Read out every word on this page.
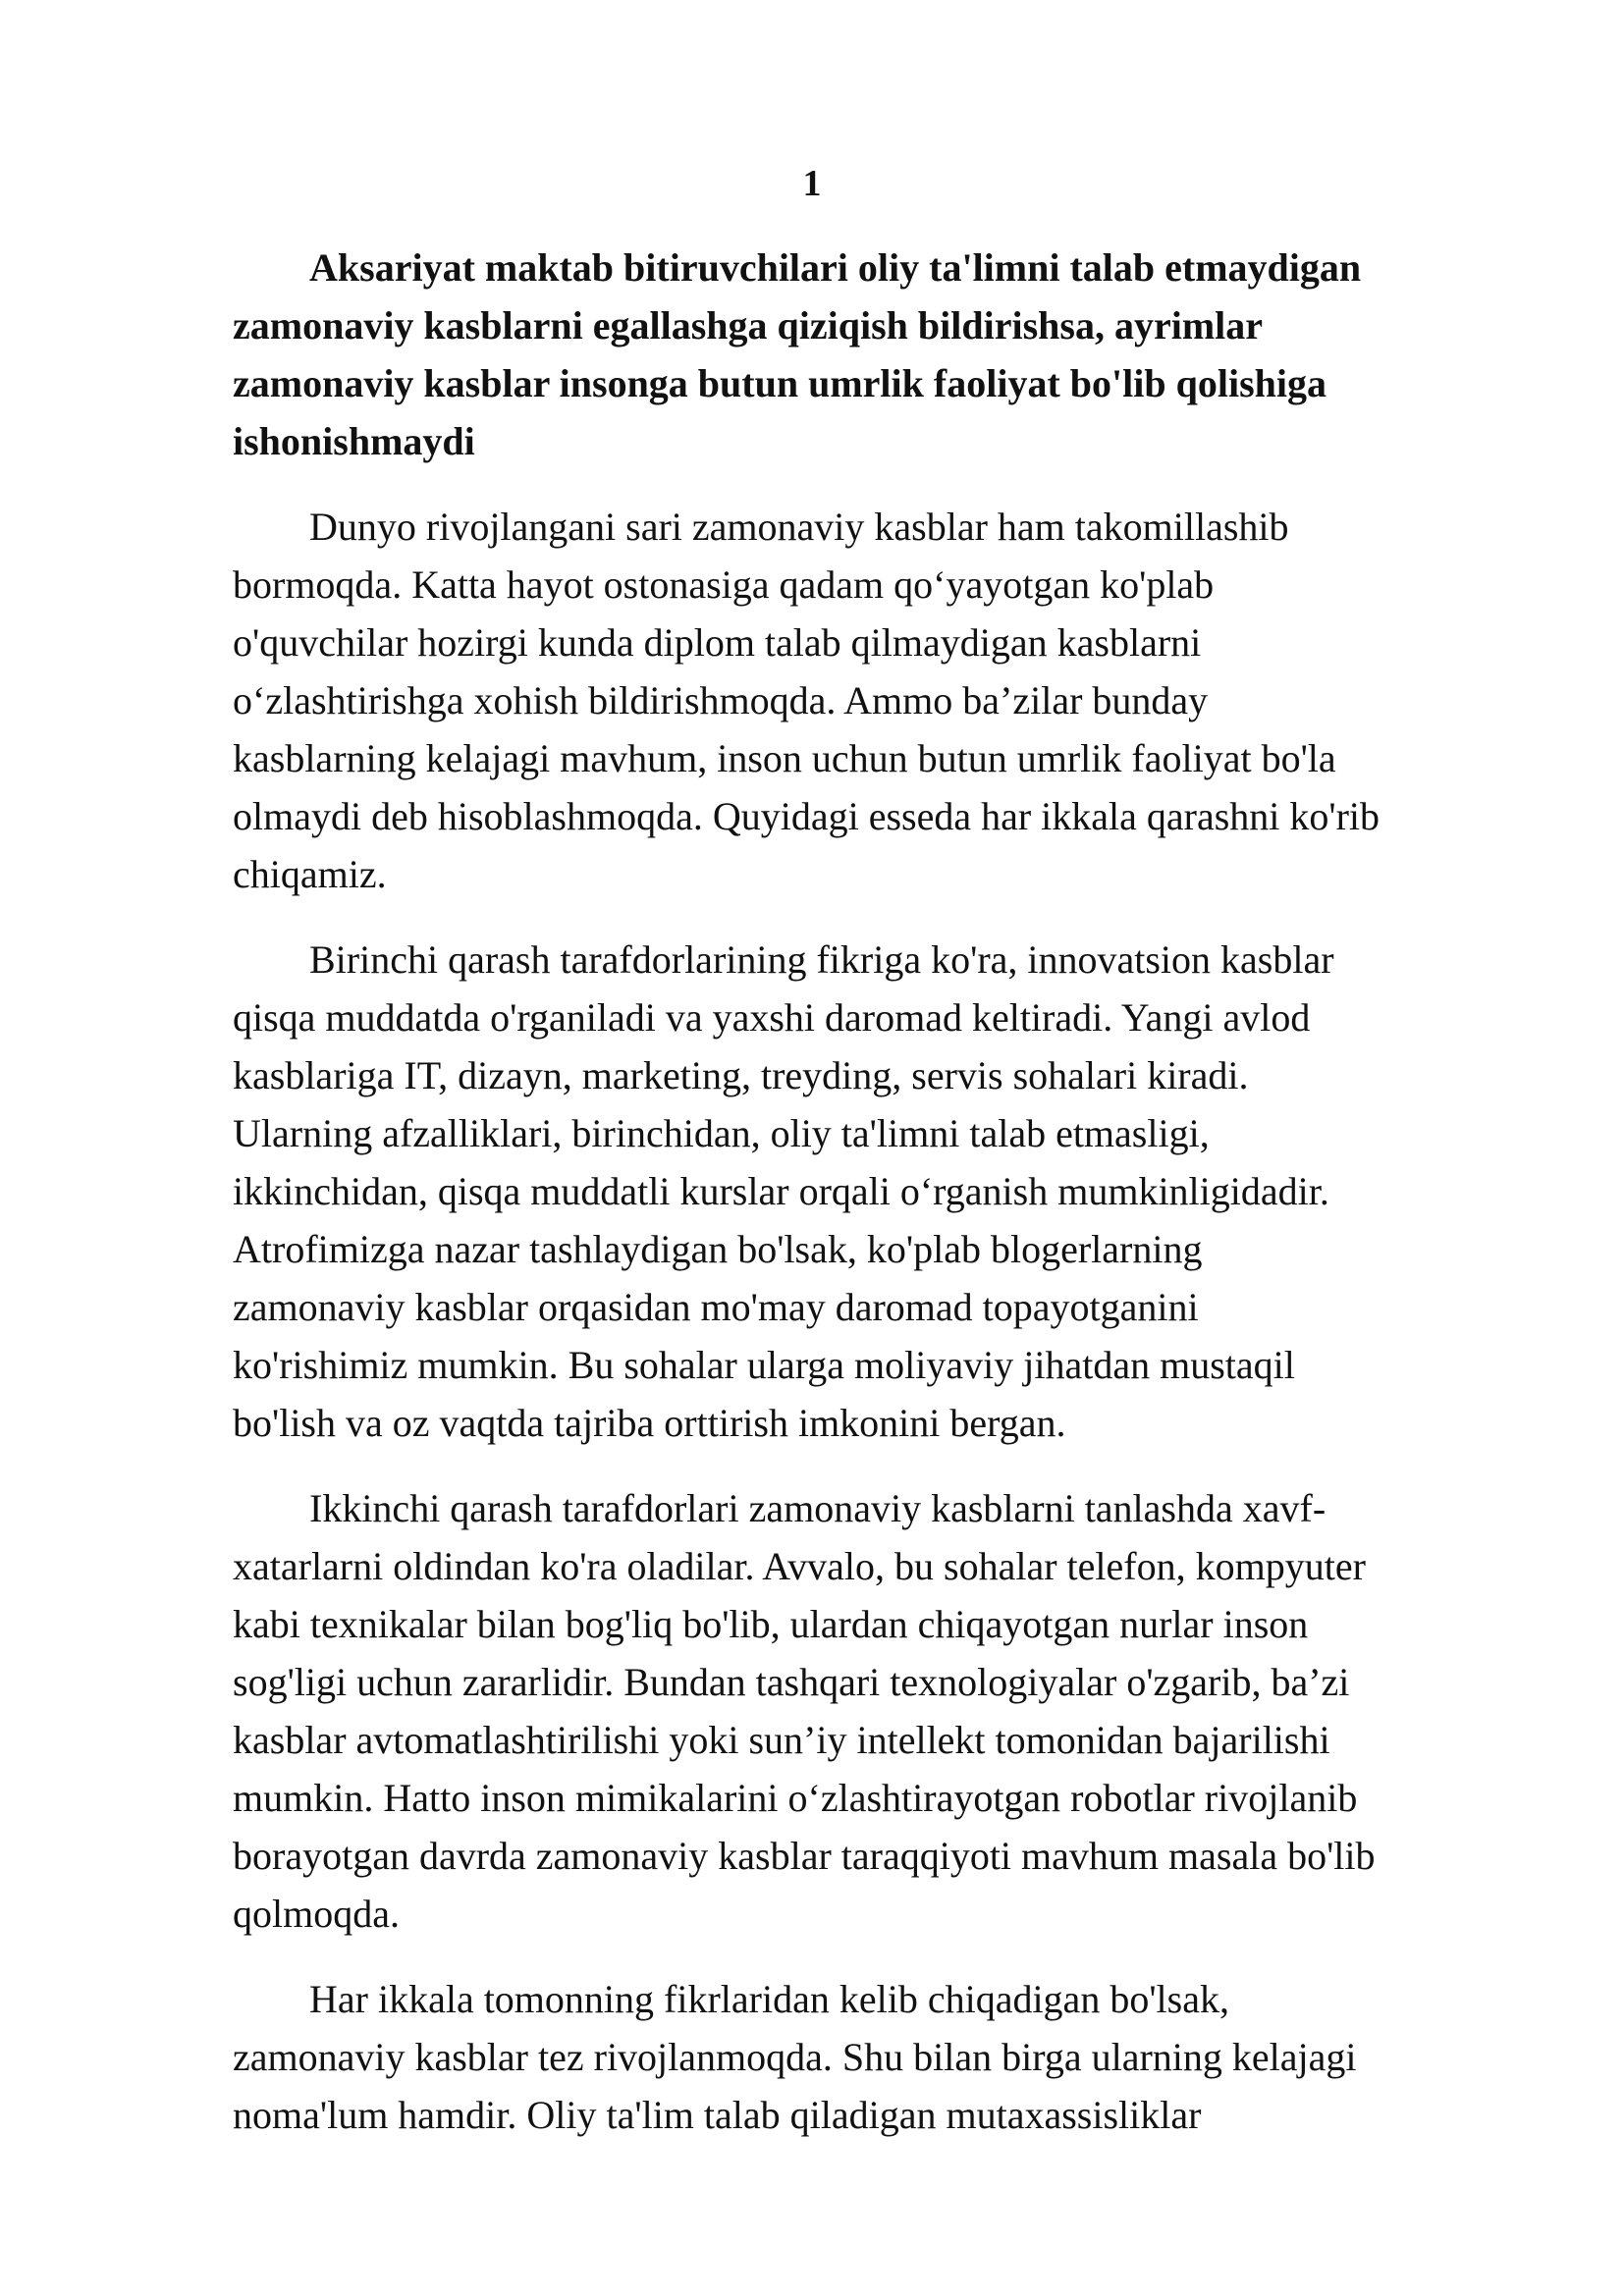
1

Aksariyat maktab bitiruvchilari oliy ta'limni talab etmaydigan
zamonaviy kasblarni egallashga qiziqish bildirishsa, ayrimlar
zamonaviy kasblar insonga butun umrlik faoliyat bo'lib qolishiga
ishonishmaydi

Dunyo rivojlangani sari zamonaviy kasblar ham takomillashib
bormoqda. Katta hayot ostonasiga qadam qo‘yayotgan ko'plab
o'quvchilar hozirgi kunda diplom talab qilmaydigan kasblarni
o‘zlashtirishga xohish bildirishmoqda. Ammo ba’zilar bunday
kasblarning kelajagi mavhum, inson uchun butun umrlik faoliyat bo'la
olmaydi deb hisoblashmoqda. Quyidagi esseda har ikkala qarashni ko'rib
chiqamiz.

Birinchi qarash tarafdorlarining fikriga ko'ra, innovatsion kasblar
qisqa muddatda o'rganiladi va yaxshi daromad keltiradi. Yangi avlod
kasblariga IT, dizayn, marketing, treyding, servis sohalari kiradi.
Ularning afzalliklari, birinchidan, oliy ta'limni talab etmasligi,
ikkinchidan, qisqa muddatli kurslar orqali o‘rganish mumkinligidadir.
Atrofimizga nazar tashlaydigan bo'lsak, ko'plab blogerlarning
zamonaviy kasblar orqasidan mo'may daromad topayotganini
ko'rishimiz mumkin. Bu sohalar ularga moliyaviy jihatdan mustaqil
bo'lish va oz vaqtda tajriba orttirish imkonini bergan.

Ikkinchi qarash tarafdorlari zamonaviy kasblarni tanlashda xavf-
xatarlarni oldindan ko'ra oladilar. Avvalo, bu sohalar telefon, kompyuter
kabi texnikalar bilan bog'liq bo'lib, ulardan chiqayotgan nurlar inson
sog'ligi uchun zararlidir. Bundan tashqari texnologiyalar o'zgarib, ba’zi
kasblar avtomatlashtirilishi yoki sun’iy intellekt tomonidan bajarilishi
mumkin. Hatto inson mimikalarini o‘zlashtirayotgan robotlar rivojlanib
borayotgan davrda zamonaviy kasblar taraqqiyoti mavhum masala bo'lib
qolmoqda.

Har ikkala tomonning fikrlaridan kelib chiqadigan bo'lsak,
zamonaviy kasblar tez rivojlanmoqda. Shu bilan birga ularning kelajagi
noma'lum hamdir. Oliy ta'lim talab qiladigan mutaxassisliklar
